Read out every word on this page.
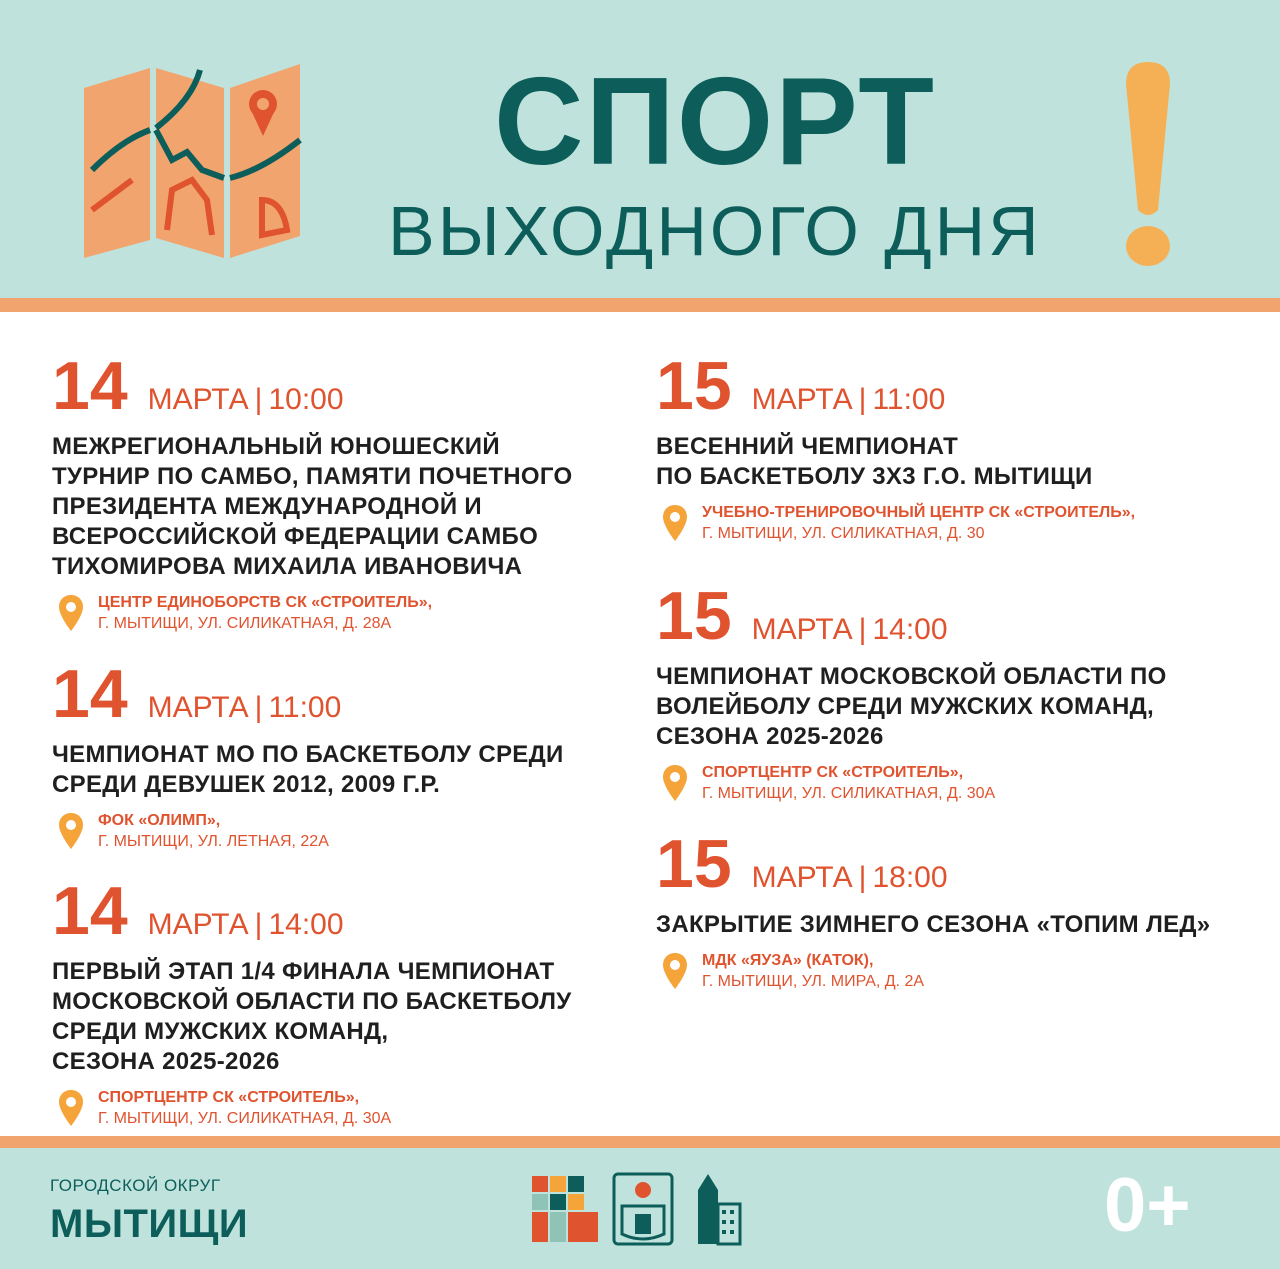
СПОРТ
ВЫХОДНОГО ДНЯ
14 МАРТА | 10:00
МЕЖРЕГИОНАЛЬНЫЙ ЮНОШЕСКИЙ
ТУРНИР ПО САМБО, ПАМЯТИ ПОЧЕТНОГО
ПРЕЗИДЕНТА МЕЖДУНАРОДНОЙ И
ВСЕРОССИЙСКОЙ ФЕДЕРАЦИИ САМБО
ТИХОМИРОВА МИХАИЛА ИВАНОВИЧА
ЦЕНТР ЕДИНОБОРСТВ СК «СТРОИТЕЛЬ»,
Г. МЫТИЩИ, УЛ. СИЛИКАТНАЯ, Д. 28А
14 МАРТА | 11:00
ЧЕМПИОНАТ МО ПО БАСКЕТБОЛУ СРЕДИ
СРЕДИ ДЕВУШЕК 2012, 2009 Г.Р.
ФОК «ОЛИМП»,
Г. МЫТИЩИ, УЛ. ЛЕТНАЯ, 22А
14 МАРТА | 14:00
ПЕРВЫЙ ЭТАП 1/4 ФИНАЛА ЧЕМПИОНАТ
МОСКОВСКОЙ ОБЛАСТИ ПО БАСКЕТБОЛУ
СРЕДИ МУЖСКИХ КОМАНД,
СЕЗОНА 2025-2026
СПОРТЦЕНТР СК «СТРОИТЕЛЬ»,
Г. МЫТИЩИ, УЛ. СИЛИКАТНАЯ, Д. 30А
15 МАРТА | 11:00
ВЕСЕННИЙ ЧЕМПИОНАТ
ПО БАСКЕТБОЛУ 3Х3 Г.О. МЫТИЩИ
УЧЕБНО-ТРЕНИРОВОЧНЫЙ ЦЕНТР СК «СТРОИТЕЛЬ»,
Г. МЫТИЩИ, УЛ. СИЛИКАТНАЯ, Д. 30
15 МАРТА | 14:00
ЧЕМПИОНАТ МОСКОВСКОЙ ОБЛАСТИ ПО
ВОЛЕЙБОЛУ СРЕДИ МУЖСКИХ КОМАНД,
СЕЗОНА 2025-2026
СПОРТЦЕНТР СК «СТРОИТЕЛЬ»,
Г. МЫТИЩИ, УЛ. СИЛИКАТНАЯ, Д. 30А
15 МАРТА | 18:00
ЗАКРЫТИЕ ЗИМНЕГО СЕЗОНА «ТОПИМ ЛЕД»
МДК «ЯУЗА» (КАТОК),
Г. МЫТИЩИ, УЛ. МИРА, Д. 2А
ГОРОДСКОЙ ОКРУГ
МЫТИЩИ	0+
